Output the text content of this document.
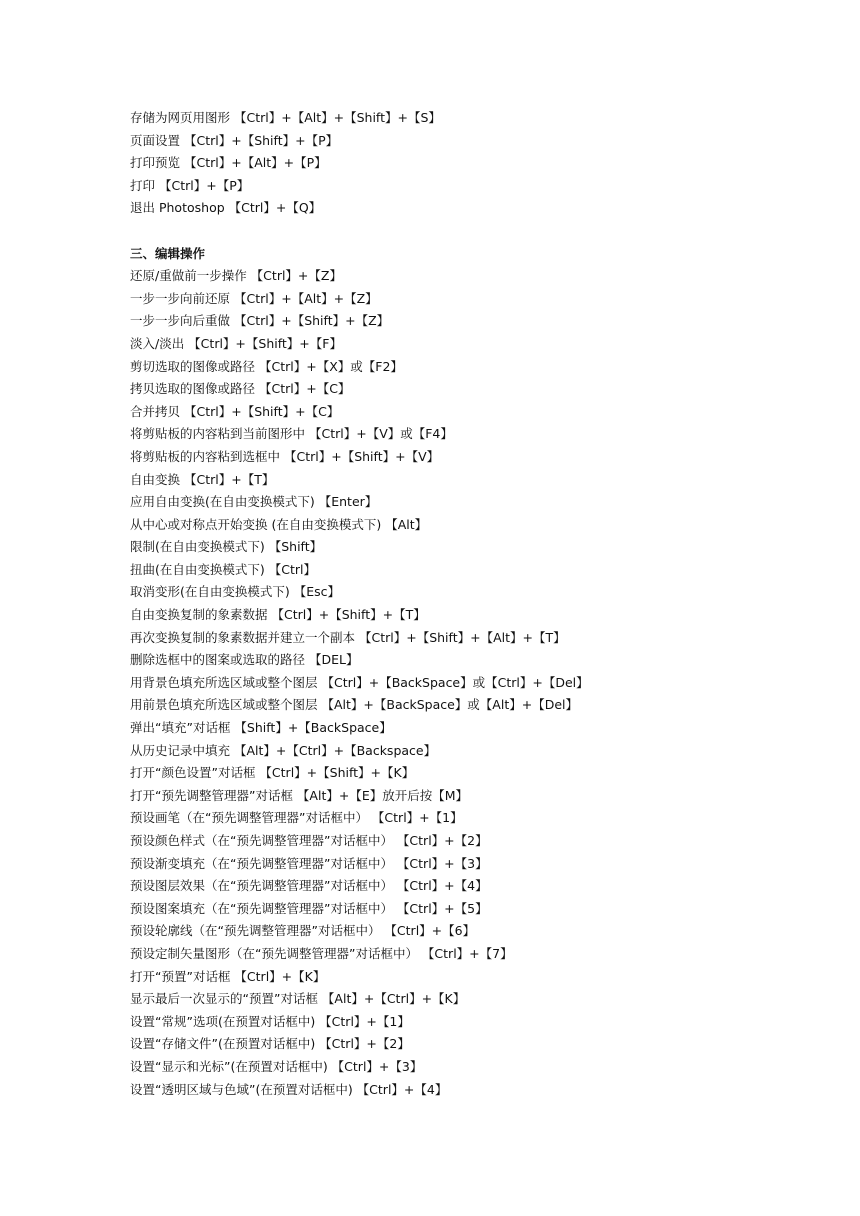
存储为网页用图形 【Ctrl】+【Alt】+【Shift】+【S】
页面设置 【Ctrl】+【Shift】+【P】
打印预览 【Ctrl】+【Alt】+【P】
打印 【Ctrl】+【P】
退出 Photoshop 【Ctrl】+【Q】
三、编辑操作
还原/重做前一步操作 【Ctrl】+【Z】
一步一步向前还原 【Ctrl】+【Alt】+【Z】
一步一步向后重做 【Ctrl】+【Shift】+【Z】
淡入/淡出 【Ctrl】+【Shift】+【F】
剪切选取的图像或路径 【Ctrl】+【X】或【F2】
拷贝选取的图像或路径 【Ctrl】+【C】
合并拷贝 【Ctrl】+【Shift】+【C】
将剪贴板的内容粘到当前图形中 【Ctrl】+【V】或【F4】
将剪贴板的内容粘到选框中 【Ctrl】+【Shift】+【V】
自由变换 【Ctrl】+【T】
应用自由变换(在自由变换模式下) 【Enter】
从中心或对称点开始变换 (在自由变换模式下) 【Alt】
限制(在自由变换模式下) 【Shift】
扭曲(在自由变换模式下) 【Ctrl】
取消变形(在自由变换模式下) 【Esc】
自由变换复制的象素数据 【Ctrl】+【Shift】+【T】
再次变换复制的象素数据并建立一个副本 【Ctrl】+【Shift】+【Alt】+【T】
删除选框中的图案或选取的路径 【DEL】
用背景色填充所选区域或整个图层 【Ctrl】+【BackSpace】或【Ctrl】+【Del】
用前景色填充所选区域或整个图层 【Alt】+【BackSpace】或【Alt】+【Del】
弹出“填充”对话框 【Shift】+【BackSpace】
从历史记录中填充 【Alt】+【Ctrl】+【Backspace】
打开“颜色设置”对话框 【Ctrl】+【Shift】+【K】
打开“预先调整管理器”对话框 【Alt】+【E】放开后按【M】
预设画笔（在“预先调整管理器”对话框中） 【Ctrl】+【1】
预设颜色样式（在“预先调整管理器”对话框中） 【Ctrl】+【2】
预设渐变填充（在“预先调整管理器”对话框中） 【Ctrl】+【3】
预设图层效果（在“预先调整管理器”对话框中） 【Ctrl】+【4】
预设图案填充（在“预先调整管理器”对话框中） 【Ctrl】+【5】
预设轮廓线（在“预先调整管理器”对话框中） 【Ctrl】+【6】
预设定制矢量图形（在“预先调整管理器”对话框中） 【Ctrl】+【7】
打开“预置”对话框 【Ctrl】+【K】
显示最后一次显示的“预置”对话框 【Alt】+【Ctrl】+【K】
设置“常规”选项(在预置对话框中) 【Ctrl】+【1】
设置“存储文件”(在预置对话框中) 【Ctrl】+【2】
设置“显示和光标”(在预置对话框中) 【Ctrl】+【3】
设置“透明区域与色域”(在预置对话框中) 【Ctrl】+【4】
